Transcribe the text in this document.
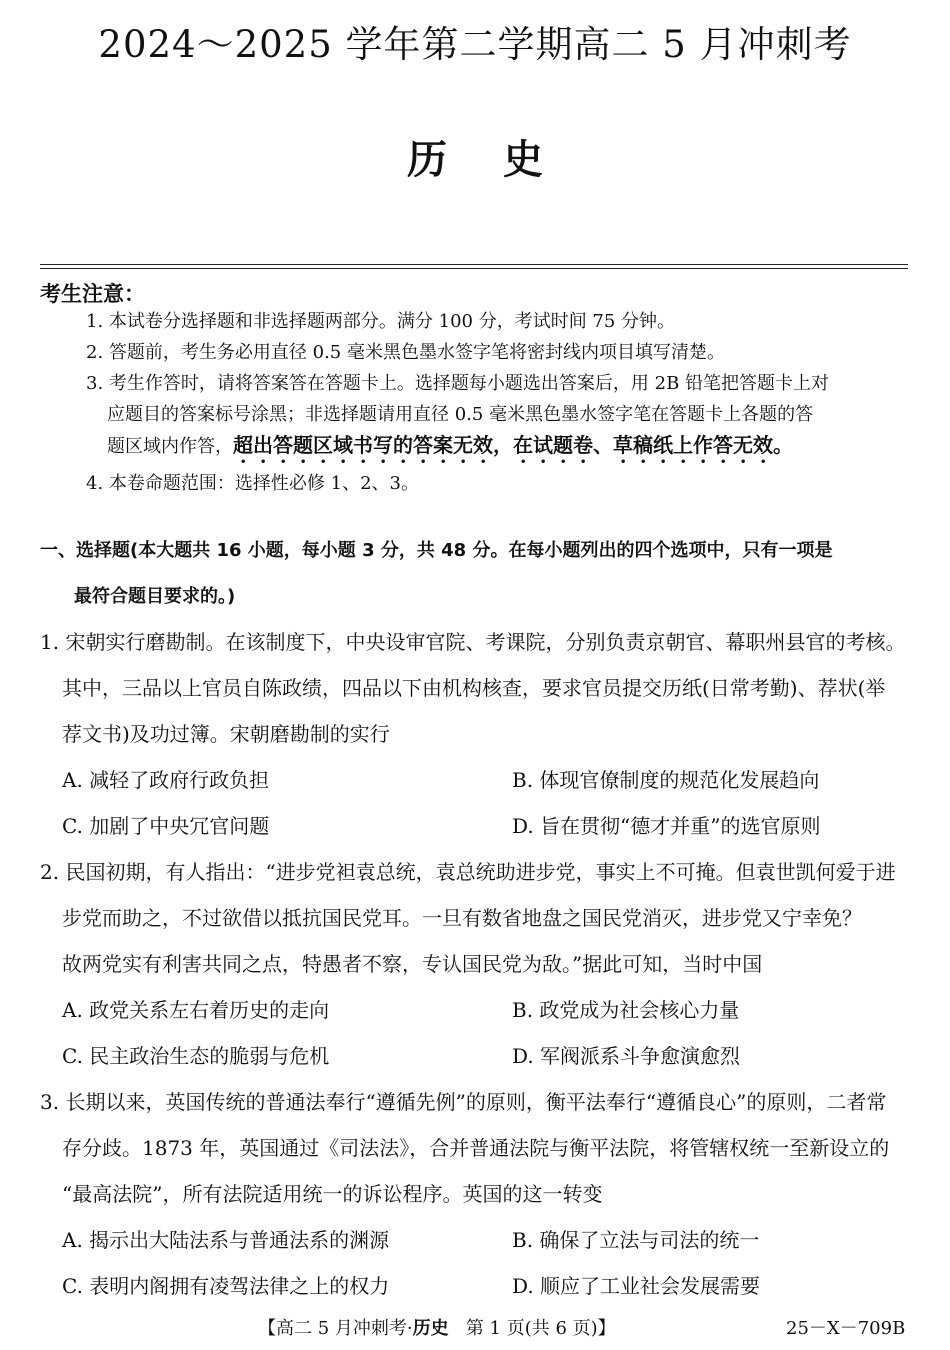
2024～2025 学年第二学期高二 5 月冲刺考
历史
考生注意：
1. 本试卷分选择题和非选择题两部分。满分 100 分，考试时间 75 分钟。
2. 答题前，考生务必用直径 0.5 毫米黑色墨水签字笔将密封线内项目填写清楚。
3. 考生作答时，请将答案答在答题卡上。选择题每小题选出答案后，用 2B 铅笔把答题卡上对
应题目的答案标号涂黑；非选择题请用直径 0.5 毫米黑色墨水签字笔在答题卡上各题的答
题区域内作答，超出答题区域书写的答案无效，在试题卷、草稿纸上作答无效。
4. 本卷命题范围：选择性必修 1、2、3。
一、选择题(本大题共 16 小题，每小题 3 分，共 48 分。在每小题列出的四个选项中，只有一项是
最符合题目要求的。)
1. 宋朝实行磨勘制。在该制度下，中央设审官院、考课院，分别负责京朝官、幕职州县官的考核。
其中，三品以上官员自陈政绩，四品以下由机构核查，要求官员提交历纸(日常考勤)、荐状(举
荐文书)及功过簿。宋朝磨勘制的实行
A. 减轻了政府行政负担	B. 体现官僚制度的规范化发展趋向
C. 加剧了中央冗官问题	D. 旨在贯彻“德才并重”的选官原则
2. 民国初期，有人指出：“进步党袒袁总统，袁总统助进步党，事实上不可掩。但袁世凯何爱于进
步党而助之，不过欲借以抵抗国民党耳。一旦有数省地盘之国民党消灭，进步党又宁幸免？
故两党实有利害共同之点，特愚者不察，专认国民党为敌。”据此可知，当时中国
A. 政党关系左右着历史的走向	B. 政党成为社会核心力量
C. 民主政治生态的脆弱与危机	D. 军阀派系斗争愈演愈烈
3. 长期以来，英国传统的普通法奉行“遵循先例”的原则，衡平法奉行“遵循良心”的原则，二者常
存分歧。1873 年，英国通过《司法法》，合并普通法院与衡平法院，将管辖权统一至新设立的
“最高法院”，所有法院适用统一的诉讼程序。英国的这一转变
A. 揭示出大陆法系与普通法系的渊源	B. 确保了立法与司法的统一
C. 表明内阁拥有凌驾法律之上的权力	D. 顺应了工业社会发展需要
【高二 5 月冲刺考·历史 第 1 页(共 6 页)】	25－X－709B
